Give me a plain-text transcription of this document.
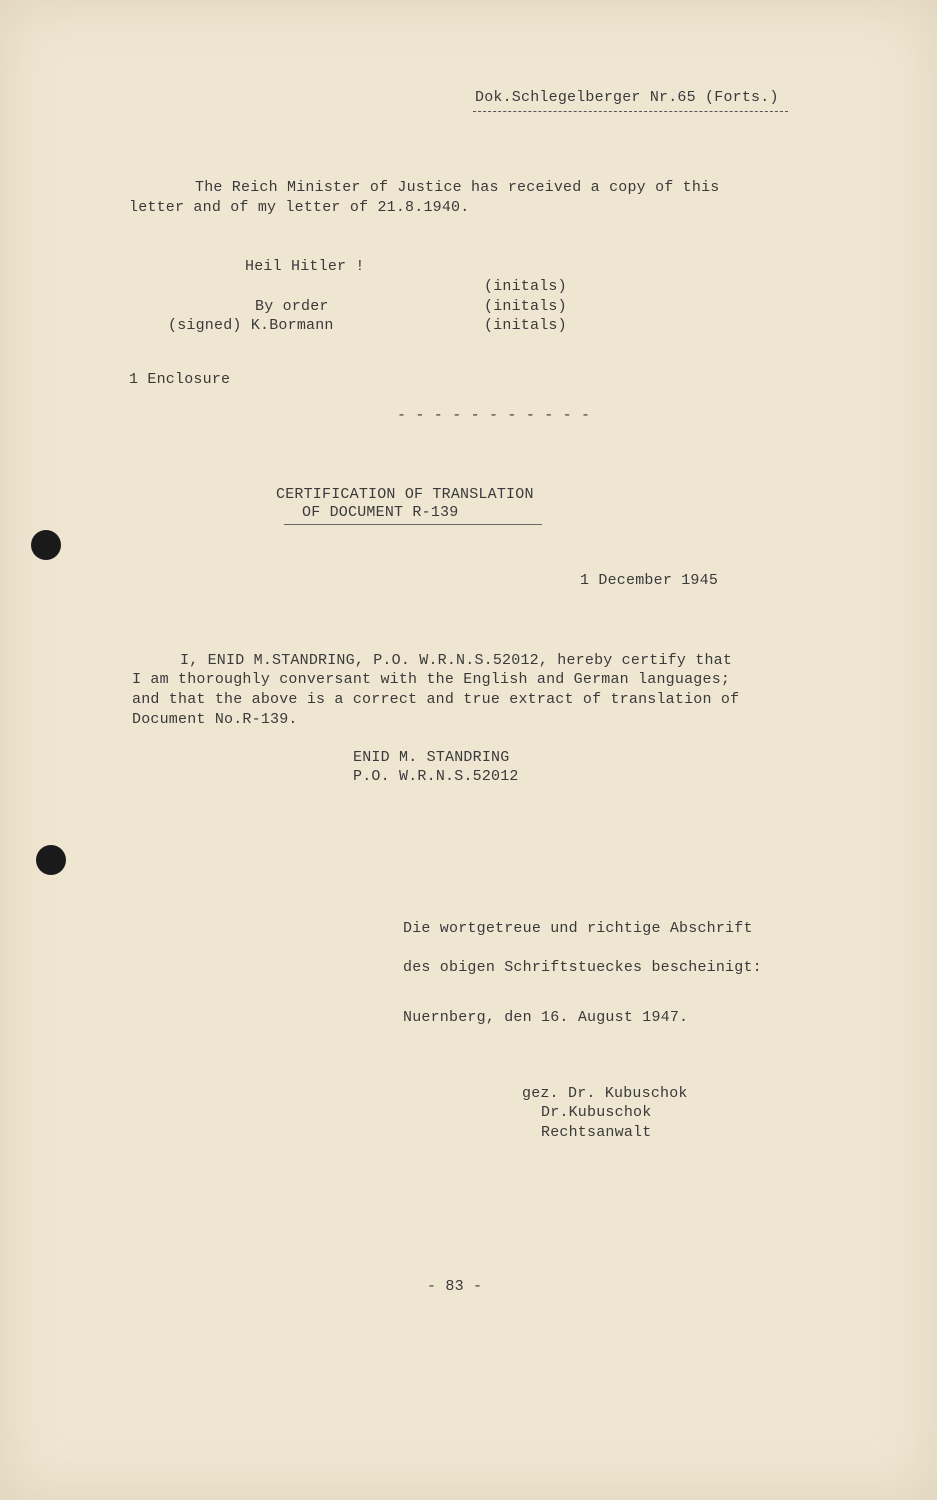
Dok.Schlegelberger Nr.65 (Forts.)
The Reich Minister of Justice has received a copy of this
letter and of my letter of 21.8.1940.
Heil Hitler !
(initals)
By order	(initals)
(signed) K.Bormann	(initals)
1 Enclosure
- - - - - - - - - - -
CERTIFICATION OF TRANSLATION
OF DOCUMENT R-139
1 December 1945
I, ENID M.STANDRING, P.O. W.R.N.S.52012, hereby certify that
I am thoroughly conversant with the English and German languages;
and that the above is a correct and true extract of translation of
Document No.R-139.
ENID M. STANDRING
P.O. W.R.N.S.52012
Die wortgetreue und richtige Abschrift
des obigen Schriftstueckes bescheinigt:
Nuernberg, den 16. August 1947.
gez. Dr. Kubuschok
Dr.Kubuschok
Rechtsanwalt
- 83 -
